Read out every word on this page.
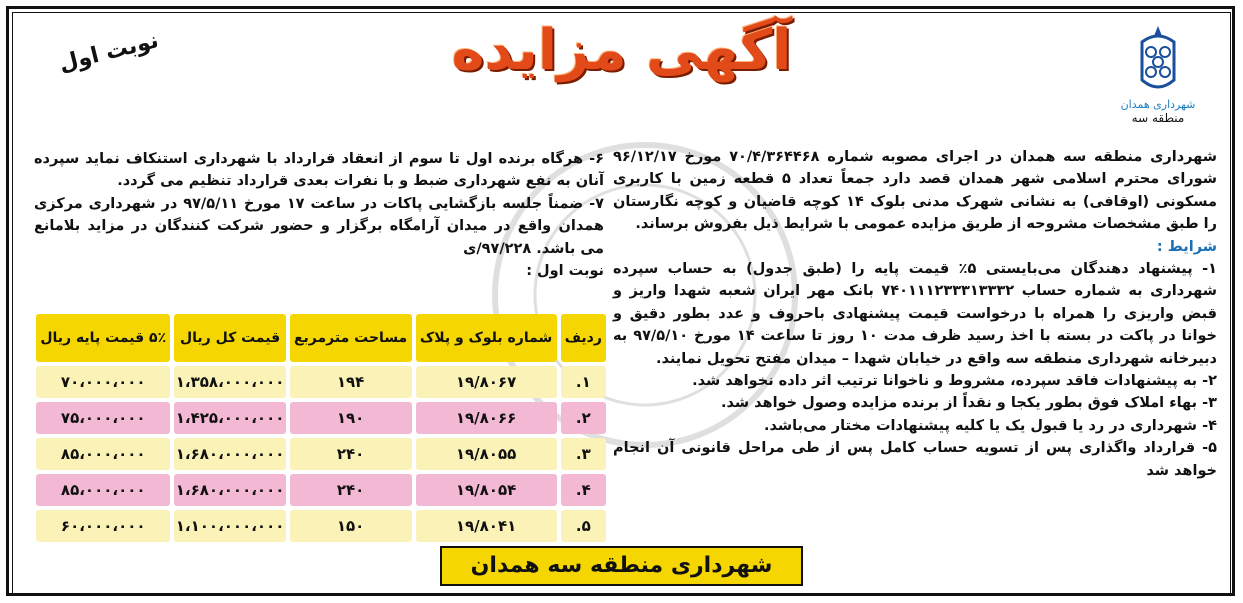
شهرداری همدان
منطقه سه
آگهی مزایده
نوبت اول

شهرداری منطقه سه همدان در اجرای مصوبه شماره ۷۰/۴/۳۶۴۴۶۸ مورخ ۹۶/۱۲/۱۷ شورای محترم اسلامی شهر همدان قصد دارد جمعاً تعداد ۵ قطعه زمین با کاربری مسکونی (اوقافی) به نشانی شهرک مدنی بلوک ۱۴ کوچه قاضیان و کوچه نگارستان را طبق مشخصات مشروحه از طریق مزایده عمومی با شرایط ذیل بفروش برساند.

شرایط :

۱- پیشنهاد دهندگان می‌بایستی ۵٪ قیمت پایه را (طبق جدول) به حساب سپرده شهرداری به شماره حساب ۷۴۰۱۱۱۲۳۳۳۱۳۳۳۲ بانک مهر ایران شعبه شهدا واریز و قبض واریزی را همراه با درخواست قیمت پیشنهادی باحروف و عدد بطور دقیق و خوانا در پاکت در بسته با اخذ رسید ظرف مدت ۱۰ روز تا ساعت ۱۴ مورخ ۹۷/۵/۱۰ به دبیرخانه شهرداری منطقه سه واقع در خیابان شهدا – میدان مفتح تحویل نمایند.

۲- به پیشنهادات فاقد سپرده، مشروط و ناخوانا ترتیب اثر داده نخواهد شد.

۳- بهاء املاک فوق بطور یکجا و نقداً از برنده مزایده وصول خواهد شد.

۴- شهرداری در رد یا قبول یک یا کلیه پیشنهادات مختار می‌باشد.

۵- قرارداد واگذاری پس از تسویه حساب کامل پس از طی مراحل قانونی آن انجام خواهد شد

۶- هرگاه برنده اول تا سوم از انعقاد قرارداد با شهرداری استنکاف نماید سپرده آنان به نفع شهرداری ضبط و با نفرات بعدی قرارداد تنظیم می گردد.

۷- ضمناً جلسه بازگشایی پاکات در ساعت ۱۷ مورخ ۹۷/۵/۱۱ در شهرداری مرکزی همدان واقع در میدان آرامگاه برگزار و حضور شرکت کنندگان در مزاید بلامانع می باشد. ۹۷/۲۲۸/ی

نوبت اول :

ردیف	شماره بلوک و پلاک	مساحت مترمربع	قیمت کل ریال	۵٪ قیمت پایه ریال
۱.	۱۹/۸۰۶۷	۱۹۴	۱،۳۵۸،۰۰۰،۰۰۰	۷۰،۰۰۰،۰۰۰
۲.	۱۹/۸۰۶۶	۱۹۰	۱،۴۲۵،۰۰۰،۰۰۰	۷۵،۰۰۰،۰۰۰
۳.	۱۹/۸۰۵۵	۲۴۰	۱،۶۸۰،۰۰۰،۰۰۰	۸۵،۰۰۰،۰۰۰
۴.	۱۹/۸۰۵۴	۲۴۰	۱،۶۸۰،۰۰۰،۰۰۰	۸۵،۰۰۰،۰۰۰
۵.	۱۹/۸۰۴۱	۱۵۰	۱،۱۰۰،۰۰۰،۰۰۰	۶۰،۰۰۰،۰۰۰
شهرداری منطقه سه همدان
